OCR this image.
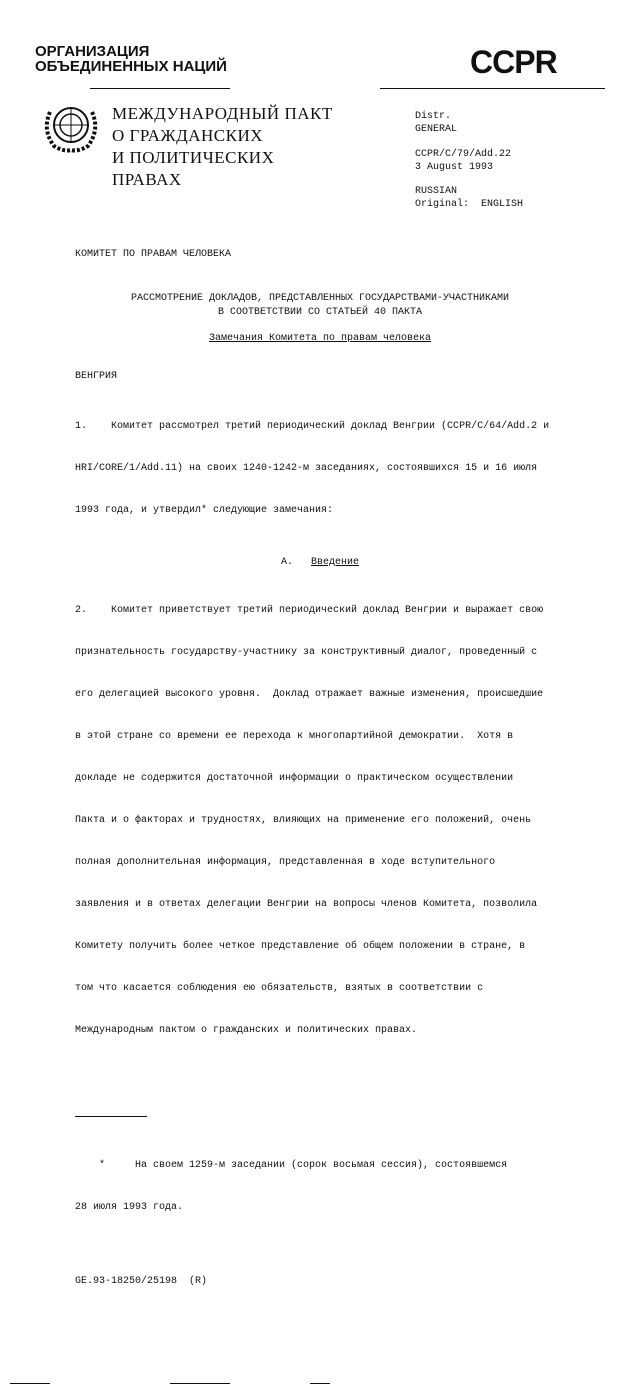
ОРГАНИЗАЦИЯ
ОБЪЕДИНЕННЫХ НАЦИЙ	CCPR
МЕЖДУНАРОДНЫЙ ПАКТ
О ГРАЖДАНСКИХ
И ПОЛИТИЧЕСКИХ
ПРАВАХ
Distr.
GENERAL
CCPR/C/79/Add.22
3 August 1993
RUSSIAN
Original: ENGLISH
КОМИТЕТ ПО ПРАВАМ ЧЕЛОВЕКА
РАССМОТРЕНИЕ ДОКЛАДОВ, ПРЕДСТАВЛЕННЫХ ГОСУДАРСТВАМИ-УЧАСТНИКАМИ
В СООТВЕТСТВИИ СО СТАТЬЕЙ 40 ПАКТА
Замечания Комитета по правам человека
ВЕНГРИЯ

1.    Комитет рассмотрел третий периодический доклад Венгрии (CCPR/C/64/Add.2 и

HRI/CORE/1/Add.11) на своих 1240-1242-м заседаниях, состоявшихся 15 и 16 июля

1993 года, и утвердил* следующие замечания:

A. Введение

2.    Комитет приветствует третий периодический доклад Венгрии и выражает свою

признательность государству-участнику за конструктивный диалог, проведенный с

его делегацией высокого уровня.  Доклад отражает важные изменения, происшедшие

в этой стране со времени ее перехода к многопартийной демократии.  Хотя в

докладе не содержится достаточной информации о практическом осуществлении

Пакта и о факторах и трудностях, влияющих на применение его положений, очень

полная дополнительная информация, представленная в ходе вступительного

заявления и в ответах делегации Венгрии на вопросы членов Комитета, позволила

Комитету получить более четкое представление об общем положении в стране, в

том что касается соблюдения ею обязательств, взятых в соответствии с

Международным пактом о гражданских и политических правах.

*     На своем 1259-м заседании (сорок восьмая сессия), состоявшемся

28 июля 1993 года.

GE.93-18250/25198  (R)
